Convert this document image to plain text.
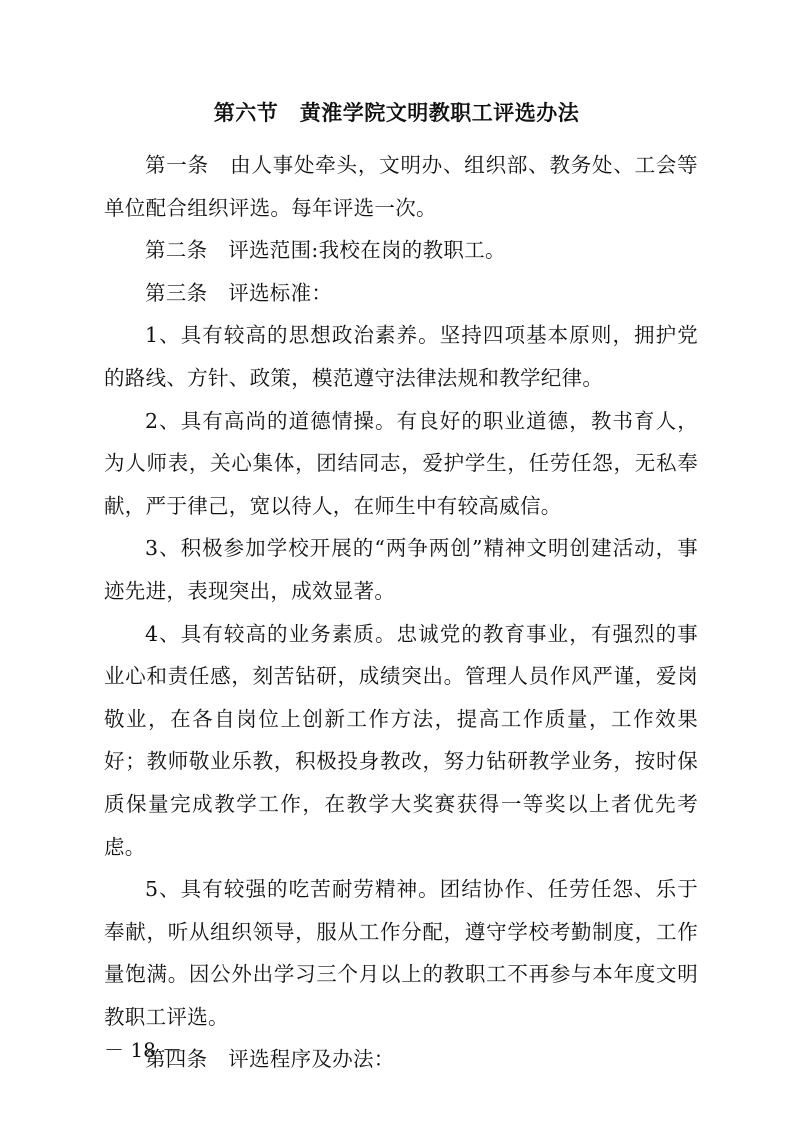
第六节　黄淮学院文明教职工评选办法

第一条　由人事处牵头，文明办、组织部、教务处、工会等单位配合组织评选。每年评选一次。

第二条　评选范围:我校在岗的教职工。

第三条　评选标准：

1、具有较高的思想政治素养。坚持四项基本原则，拥护党的路线、方针、政策，模范遵守法律法规和教学纪律。

2、具有高尚的道德情操。有良好的职业道德，教书育人，为人师表，关心集体，团结同志，爱护学生，任劳任怨，无私奉献，严于律己，宽以待人，在师生中有较高威信。

3、积极参加学校开展的“两争两创”精神文明创建活动，事迹先进，表现突出，成效显著。

4、具有较高的业务素质。忠诚党的教育事业，有强烈的事业心和责任感，刻苦钻研，成绩突出。管理人员作风严谨，爱岗敬业，在各自岗位上创新工作方法，提高工作质量，工作效果好；教师敬业乐教，积极投身教改，努力钻研教学业务，按时保质保量完成教学工作，在教学大奖赛获得一等奖以上者优先考虑。

5、具有较强的吃苦耐劳精神。团结协作、任劳任怨、乐于奉献，听从组织领导，服从工作分配，遵守学校考勤制度，工作量饱满。因公外出学习三个月以上的教职工不再参与本年度文明教职工评选。

第四条　评选程序及办法：

－ 18 －
